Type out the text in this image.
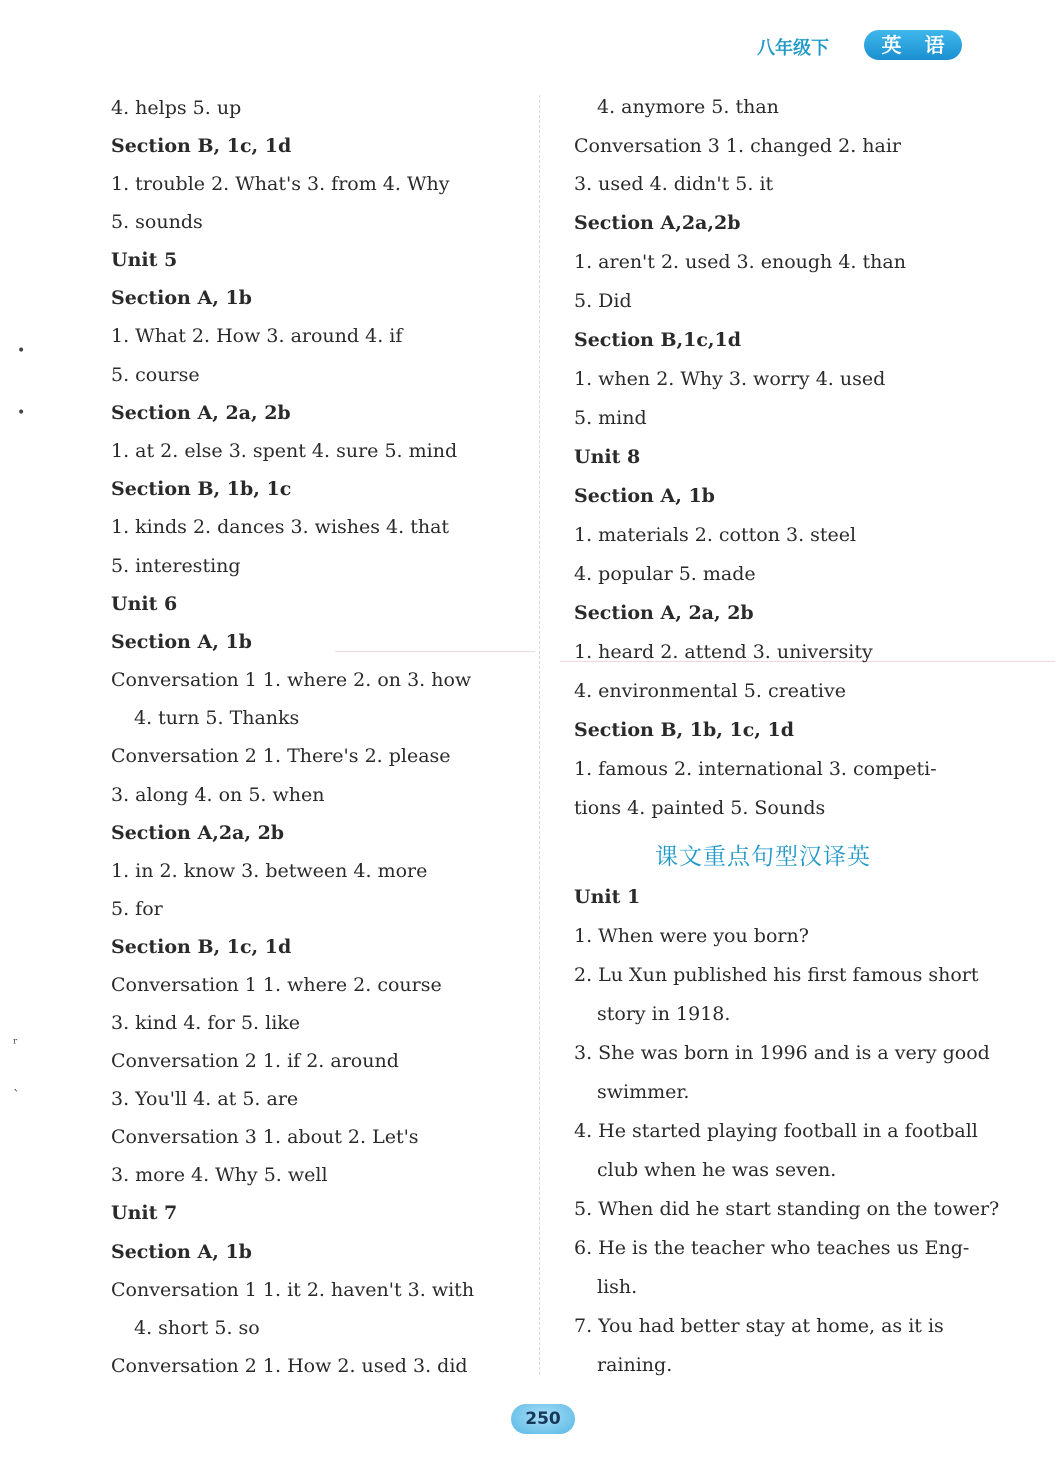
八年级下	英 语
•
•
ʳ
ˋ
4. helps 5. up
Section B, 1c, 1d
1. trouble 2. What's 3. from 4. Why
5. sounds
Unit 5
Section A, 1b
1. What 2. How 3. around 4. if
5. course
Section A, 2a, 2b
1. at 2. else 3. spent 4. sure 5. mind
Section B, 1b, 1c
1. kinds 2. dances 3. wishes 4. that
5. interesting
Unit 6
Section A, 1b
Conversation 1 1. where 2. on 3. how
4. turn 5. Thanks
Conversation 2 1. There's 2. please
3. along 4. on 5. when
Section A,2a, 2b
1. in 2. know 3. between 4. more
5. for
Section B, 1c, 1d
Conversation 1 1. where 2. course
3. kind 4. for 5. like
Conversation 2 1. if 2. around
3. You'll 4. at 5. are
Conversation 3 1. about 2. Let's
3. more 4. Why 5. well
Unit 7
Section A, 1b
Conversation 1 1. it 2. haven't 3. with
4. short 5. so
Conversation 2 1. How 2. used 3. did
4. anymore 5. than
Conversation 3 1. changed 2. hair
3. used 4. didn't 5. it
Section A,2a,2b
1. aren't 2. used 3. enough 4. than
5. Did
Section B,1c,1d
1. when 2. Why 3. worry 4. used
5. mind
Unit 8
Section A, 1b
1. materials 2. cotton 3. steel
4. popular 5. made
Section A, 2a, 2b
1. heard 2. attend 3. university
4. environmental 5. creative
Section B, 1b, 1c, 1d
1. famous 2. international 3. competi-
tions 4. painted 5. Sounds
课文重点句型汉译英
Unit 1
1. When were you born?
2. Lu Xun published his first famous short
story in 1918.
3. She was born in 1996 and is a very good
swimmer.
4. He started playing football in a football
club when he was seven.
5. When did he start standing on the tower?
6. He is the teacher who teaches us Eng-
lish.
7. You had better stay at home, as it is
raining.
250
